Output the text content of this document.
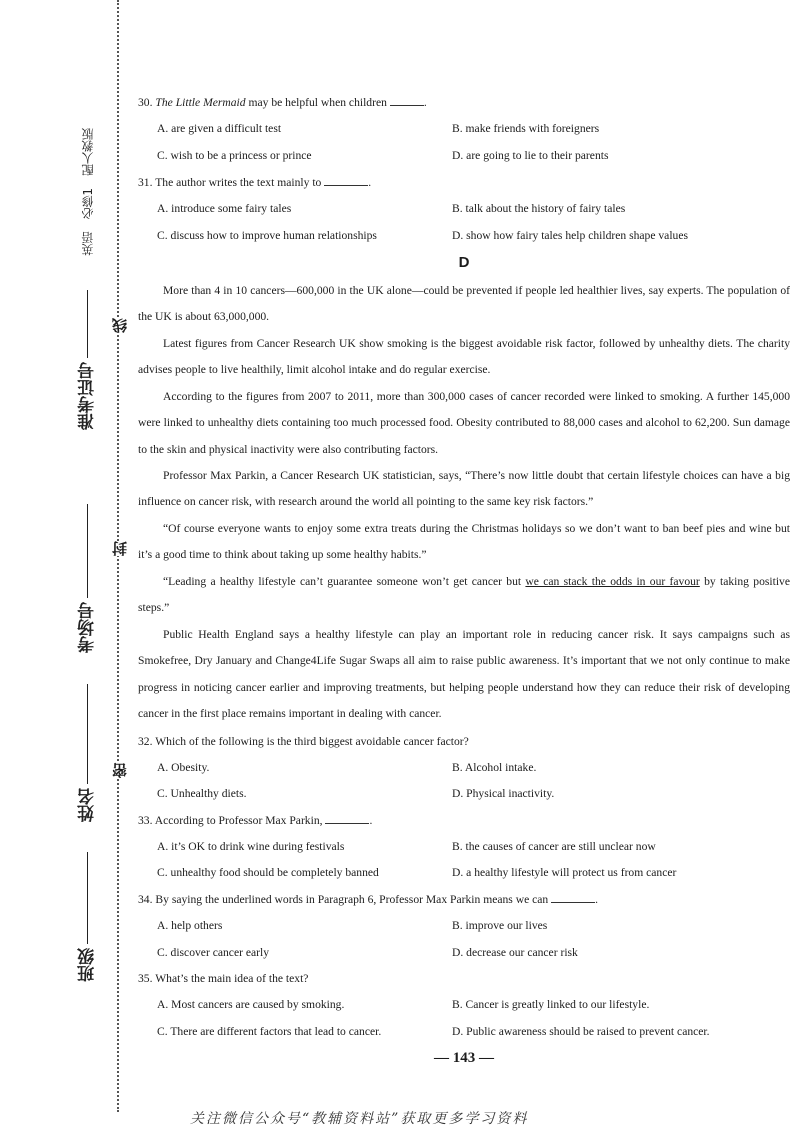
英语　必修1　配人教版
准考证号
考场号
姓名
班级
线
封
密
30. The Little Mermaid may be helpful when children	.
A. are given a difficult test	B. make friends with foreigners
C. wish to be a princess or prince	D. are going to lie to their parents
31. The author writes the text mainly to	.
A. introduce some fairy tales	B. talk about the history of fairy tales
C. discuss how to improve human relationships	D. show how fairy tales help children shape values
D
More than 4 in 10 cancers—600,000 in the UK alone—could be prevented if people led healthier lives, say experts. The population of the UK is about 63,000,000.
Latest figures from Cancer Research UK show smoking is the biggest avoidable risk factor, followed by unhealthy diets. The charity advises people to live healthily, limit alcohol intake and do regular exercise.
According to the figures from 2007 to 2011, more than 300,000 cases of cancer recorded were linked to smoking. A further 145,000 were linked to unhealthy diets containing too much processed food. Obesity contributed to 88,000 cases and alcohol to 62,200. Sun damage to the skin and physical inactivity were also contributing factors.
Professor Max Parkin, a Cancer Research UK statistician, says, “There’s now little doubt that certain lifestyle choices can have a big influence on cancer risk, with research around the world all pointing to the same key risk factors.”
“Of course everyone wants to enjoy some extra treats during the Christmas holidays so we don’t want to ban beef pies and wine but it’s a good time to think about taking up some healthy habits.”
“Leading a healthy lifestyle can’t guarantee someone won’t get cancer but we can stack the odds in our favour by taking positive steps.”
Public Health England says a healthy lifestyle can play an important role in reducing cancer risk. It says campaigns such as Smokefree, Dry January and Change4Life Sugar Swaps all aim to raise public awareness. It’s important that we not only continue to make progress in noticing cancer earlier and improving treatments, but helping people understand how they can reduce their risk of developing cancer in the first place remains important in dealing with cancer.
32. Which of the following is the third biggest avoidable cancer factor?
A. Obesity.	B. Alcohol intake.
C. Unhealthy diets.	D. Physical inactivity.
33. According to Professor Max Parkin,	.
A. it’s OK to drink wine during festivals	B. the causes of cancer are still unclear now
C. unhealthy food should be completely banned	D. a healthy lifestyle will protect us from cancer
34. By saying the underlined words in Paragraph 6, Professor Max Parkin means we can	.
A. help others	B. improve our lives
C. discover cancer early	D. decrease our cancer risk
35. What’s the main idea of the text?
A. Most cancers are caused by smoking.	B. Cancer is greatly linked to our lifestyle.
C. There are different factors that lead to cancer.	D. Public awareness should be raised to prevent cancer.
— 143 —
关注微信公众号“教辅资料站”获取更多学习资料
